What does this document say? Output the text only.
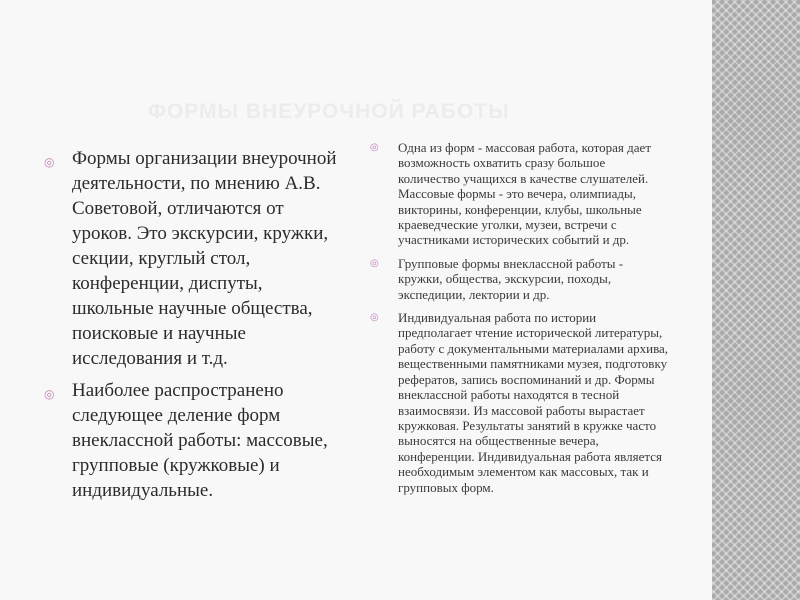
ФОРМЫ ВНЕУРОЧНОЙ РАБОТЫ
◎ Формы организации внеурочной деятельности, по мнению А.В. Советовой, отличаются от уроков. Это экскурсии, кружки, секции, круглый стол, конференции, диспуты, школьные научные общества, поисковые и научные исследования и т.д.
◎ Наиболее распространено следующее деление форм внеклассной работы: массовые, групповые (кружковые) и индивидуальные.
◎ Одна из форм - массовая работа, которая дает возможность охватить сразу большое количество учащихся в качестве слушателей. Массовые формы - это вечера, олимпиады, викторины, конференции, клубы, школьные краеведческие уголки, музеи, встречи с участниками исторических событий и др.
◎ Групповые формы внеклассной работы - кружки, общества, экскурсии, походы, экспедиции, лектории и др.
◎ Индивидуальная работа по истории предполагает чтение исторической литературы, работу с документальными материалами архива, вещественными памятниками музея, подготовку рефератов, запись воспоминаний и др. Формы внеклассной работы находятся в тесной взаимосвязи. Из массовой работы вырастает кружковая. Результаты занятий в кружке часто выносятся на общественные вечера, конференции. Индивидуальная работа является необходимым элементом как массовых, так и групповых форм.
